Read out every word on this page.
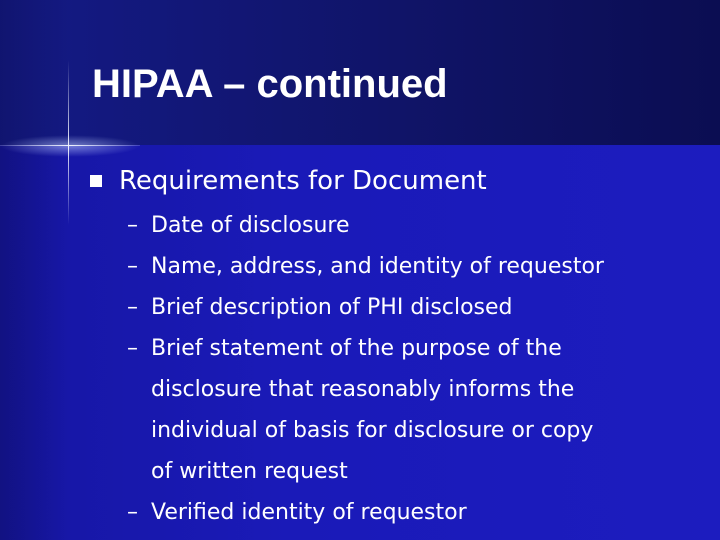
HIPAA – continued
Requirements for Document
– Date of disclosure
– Name, address, and identity of requestor
– Brief description of PHI disclosed
– Brief statement of the purpose of the
disclosure that reasonably informs the
individual of basis for disclosure or copy
of written request
– Verified identity of requestor
